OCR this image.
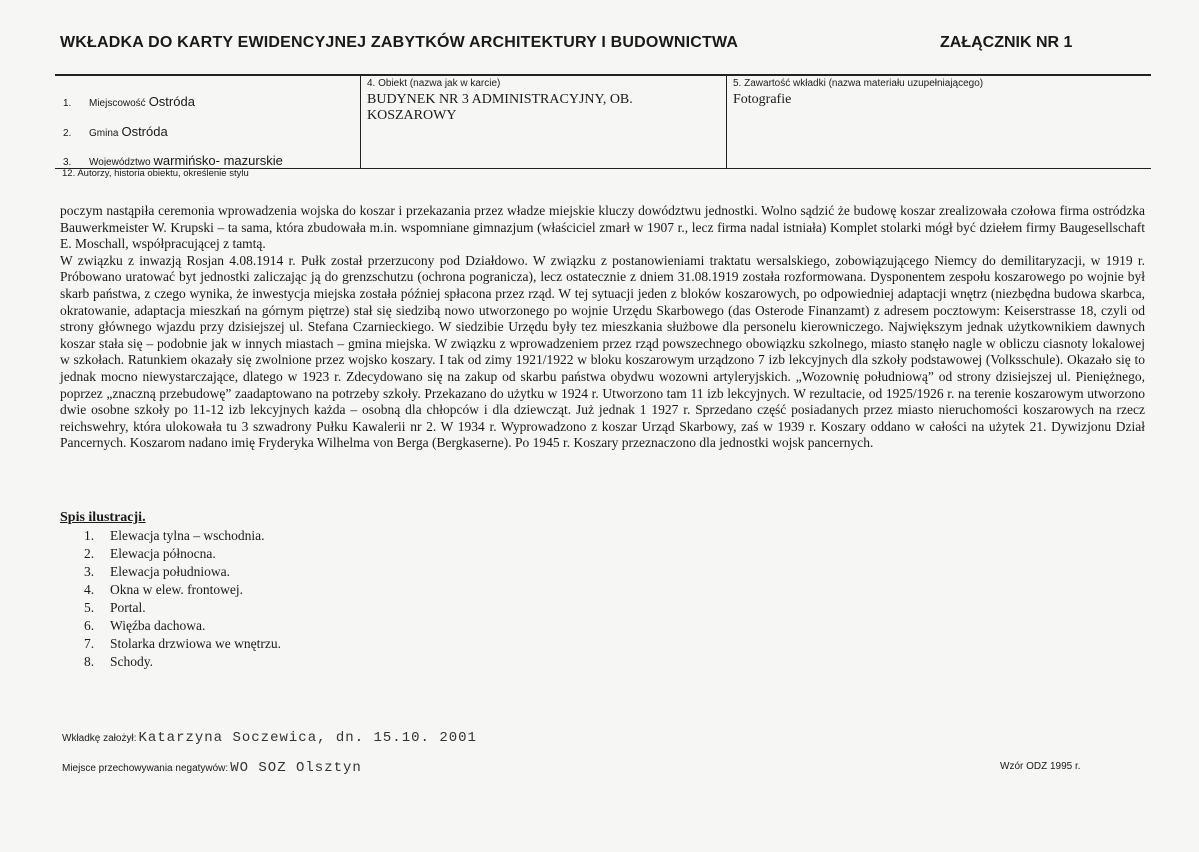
WKŁADKA DO KARTY EWIDENCYJNEJ ZABYTKÓW ARCHITEKTURY I BUDOWNICTWA	ZAŁĄCZNIK NR 1
1. Miejscowość Ostróda
2. Gmina Ostróda
3. Województwo warmińsko- mazurskie
4. Obiekt (nazwa jak w karcie)
BUDYNEK NR 3 ADMINISTRACYJNY, OB. KOSZAROWY
5. Zawartość wkładki (nazwa materiału uzupełniającego)
Fotografie
12. Autorzy, historia obiektu, określenie stylu

poczym nastąpiła ceremonia wprowadzenia wojska do koszar i przekazania przez władze miejskie kluczy dowództwu jednostki. Wolno sądzić że budowę koszar zrealizowała czołowa firma ostródzka Bauwerkmeister W. Krupski – ta sama, która zbudowała m.in. wspomniane gimnazjum (właściciel zmarł w 1907 r., lecz firma nadal istniała) Komplet stolarki mógł być dziełem firmy Baugesellschaft E. Moschall, współpracującej z tamtą.

W związku z inwazją Rosjan 4.08.1914 r. Pułk został przerzucony pod Działdowo. W związku z postanowieniami traktatu wersalskiego, zobowiązującego Niemcy do demilitaryzacji, w 1919 r. Próbowano uratować byt jednostki zaliczając ją do grenzschutzu (ochrona pogranicza), lecz ostatecznie z dniem 31.08.1919 została rozformowana. Dysponentem zespołu koszarowego po wojnie był skarb państwa, z czego wynika, że inwestycja miejska została później spłacona przez rząd. W tej sytuacji jeden z bloków koszarowych, po odpowiedniej adaptacji wnętrz (niezbędna budowa skarbca, okratowanie, adaptacja mieszkań na górnym piętrze) stał się siedzibą nowo utworzonego po wojnie Urzędu Skarbowego (das Osterode Finanzamt) z adresem pocztowym: Keiserstrasse 18, czyli od strony głównego wjazdu przy dzisiejszej ul. Stefana Czarnieckiego. W siedzibie Urzędu były tez mieszkania służbowe dla personelu kierowniczego. Największym jednak użytkownikiem dawnych koszar stała się – podobnie jak w innych miastach – gmina miejska. W związku z wprowadzeniem przez rząd powszechnego obowiązku szkolnego, miasto stanęło nagle w obliczu ciasnoty lokalowej w szkołach. Ratunkiem okazały się zwolnione przez wojsko koszary. I tak od zimy 1921/1922 w bloku koszarowym urządzono 7 izb lekcyjnych dla szkoły podstawowej (Volksschule). Okazało się to jednak mocno niewystarczające, dlatego w 1923 r. Zdecydowano się na zakup od skarbu państwa obydwu wozowni artyleryjskich. „Wozownię południową” od strony dzisiejszej ul. Pieniężnego, poprzez „znaczną przebudowę” zaadaptowano na potrzeby szkoły. Przekazano do użytku w 1924 r. Utworzono tam 11 izb lekcyjnych. W rezultacie, od 1925/1926 r. na terenie koszarowym utworzono dwie osobne szkoły po 11-12 izb lekcyjnych każda – osobną dla chłopców i dla dziewcząt. Już jednak 1 1927 r. Sprzedano część posiadanych przez miasto nieruchomości koszarowych na rzecz reichswehry, która ulokowała tu 3 szwadrony Pułku Kawalerii nr 2. W 1934 r. Wyprowadzono z koszar Urząd Skarbowy, zaś w 1939 r. Koszary oddano w całości na użytek 21. Dywizjonu Dział Pancernych. Koszarom nadano imię Fryderyka Wilhelma von Berga (Bergkaserne). Po 1945 r. Koszary przeznaczono dla jednostki wojsk pancernych.

Spis ilustracji.
1. Elewacja tylna – wschodnia.
2. Elewacja północna.
3. Elewacja południowa.
4. Okna w elew. frontowej.
5. Portal.
6. Więźba dachowa.
7. Stolarka drzwiowa we wnętrzu.
8. Schody.
Wkładkę założył: Katarzyna Soczewica, dn. 15.10. 2001
Miejsce przechowywania negatywów: WO SOZ Olsztyn	Wzór ODZ 1995 r.
